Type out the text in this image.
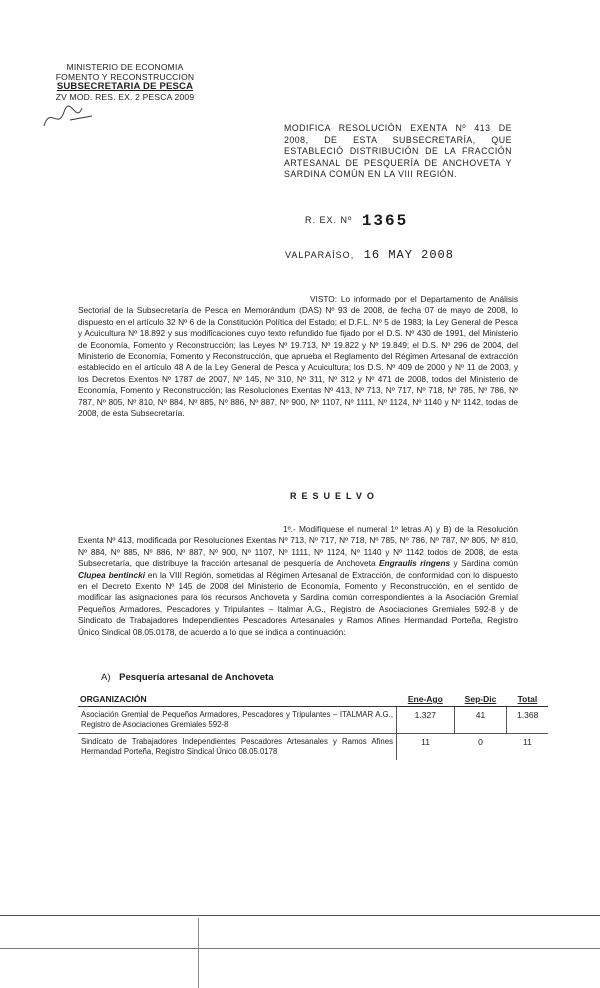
MINISTERIO DE ECONOMIA
FOMENTO Y RECONSTRUCCION
SUBSECRETARIA DE PESCA
ZV MOD. RES. EX. 2 PESCA 2009
MODIFICA RESOLUCIÓN EXENTA Nº 413 DE 2008, DE ESTA SUBSECRETARÍA, QUE ESTABLECIÓ DISTRIBUCIÓN DE LA FRACCIÓN ARTESANAL DE PESQUERÍA DE ANCHOVETA Y SARDINA COMÚN EN LA VIII REGIÓN.
R. EX. Nº 1365
VALPARAÍSO, 16 MAY 2008
VISTO: Lo informado por el Departamento de Análisis Sectorial de la Subsecretaría de Pesca en Memorándum (DAS) Nº 93 de 2008, de fecha 07 de mayo de 2008, lo dispuesto en el artículo 32 Nº 6 de la Constitución Política del Estado; el D.F.L. Nº 5 de 1983; la Ley General de Pesca y Acuicultura Nº 18.892 y sus modificaciones cuyo texto refundido fue fijado por el D.S. Nº 430 de 1991, del Ministerio de Economía, Fomento y Reconstrucción; las Leyes Nº 19.713, Nº 19.822 y Nº 19.849; el D.S. Nº 296 de 2004, del Ministerio de Economía, Fomento y Reconstrucción, que aprueba el Reglamento del Régimen Artesanal de extracción establecido en el artículo 48 A de la Ley General de Pesca y Acuicultura; los D.S. Nº 409 de 2000 y Nº 11 de 2003, y los Decretos Exentos Nº 1787 de 2007, Nº 145, Nº 310, Nº 311, Nº 312 y Nº 471 de 2008, todos del Ministerio de Economía, Fomento y Reconstrucción; las Resoluciones Exentas Nº 413, Nº 713, Nº 717, Nº 718, Nº 785, Nº 786, Nº 787, Nº 805, Nº 810, Nº 884, Nº 885, Nº 886, Nº 887, Nº 900, Nº 1107, Nº 1111, Nº 1124, Nº 1140 y Nº 1142, todas de 2008, de esta Subsecretaría.
RESUELVO
1º.- Modifíquese el numeral 1º letras A) y B) de la Resolución Exenta Nº 413, modificada por Resoluciones Exentas Nº 713, Nº 717, Nº 718, Nº 785, Nº 786, Nº 787, Nº 805, Nº 810, Nº 884, Nº 885, Nº 886, Nº 887, Nº 900, Nº 1107, Nº 1111, Nº 1124, Nº 1140 y Nº 1142 todos de 2008, de esta Subsecretaría, que distribuye la fracción artesanal de pesquería de Anchoveta Engraulis ringens y Sardina común Clupea bentincki en la VIII Región, sometidas al Régimen Artesanal de Extracción, de conformidad con lo dispuesto en el Decreto Exento Nº 145 de 2008 del Ministerio de Economía, Fomento y Reconstrucción, en el sentido de modificar las asignaciones para los recursos Anchoveta y Sardina común correspondientes a la Asociación Gremial Pequeños Armadores, Pescadores y Tripulantes – Italmar A.G., Registro de Asociaciones Gremiales 592-8 y de Sindicato de Trabajadores Independientes Pescadores Artesanales y Ramos Afines Hermandad Porteña, Registro Único Sindical 08.05.0178, de acuerdo a lo que se indica a continuación:
A) Pesquería artesanal de Anchoveta
ORGANIZACIÓN	Ene-Ago	Sep-Dic	Total
Asociación Gremial de Pequeños Armadores, Pescadores y Tripulantes – ITALMAR A.G., Registro de Asociaciones Gremiales 592-8	1.327	41	1.368
Sindicato de Trabajadores Independientes Pescadores Artesanales y Ramos Afines Hermandad Porteña, Registro Sindical Único 08.05.0178	11	0	11
